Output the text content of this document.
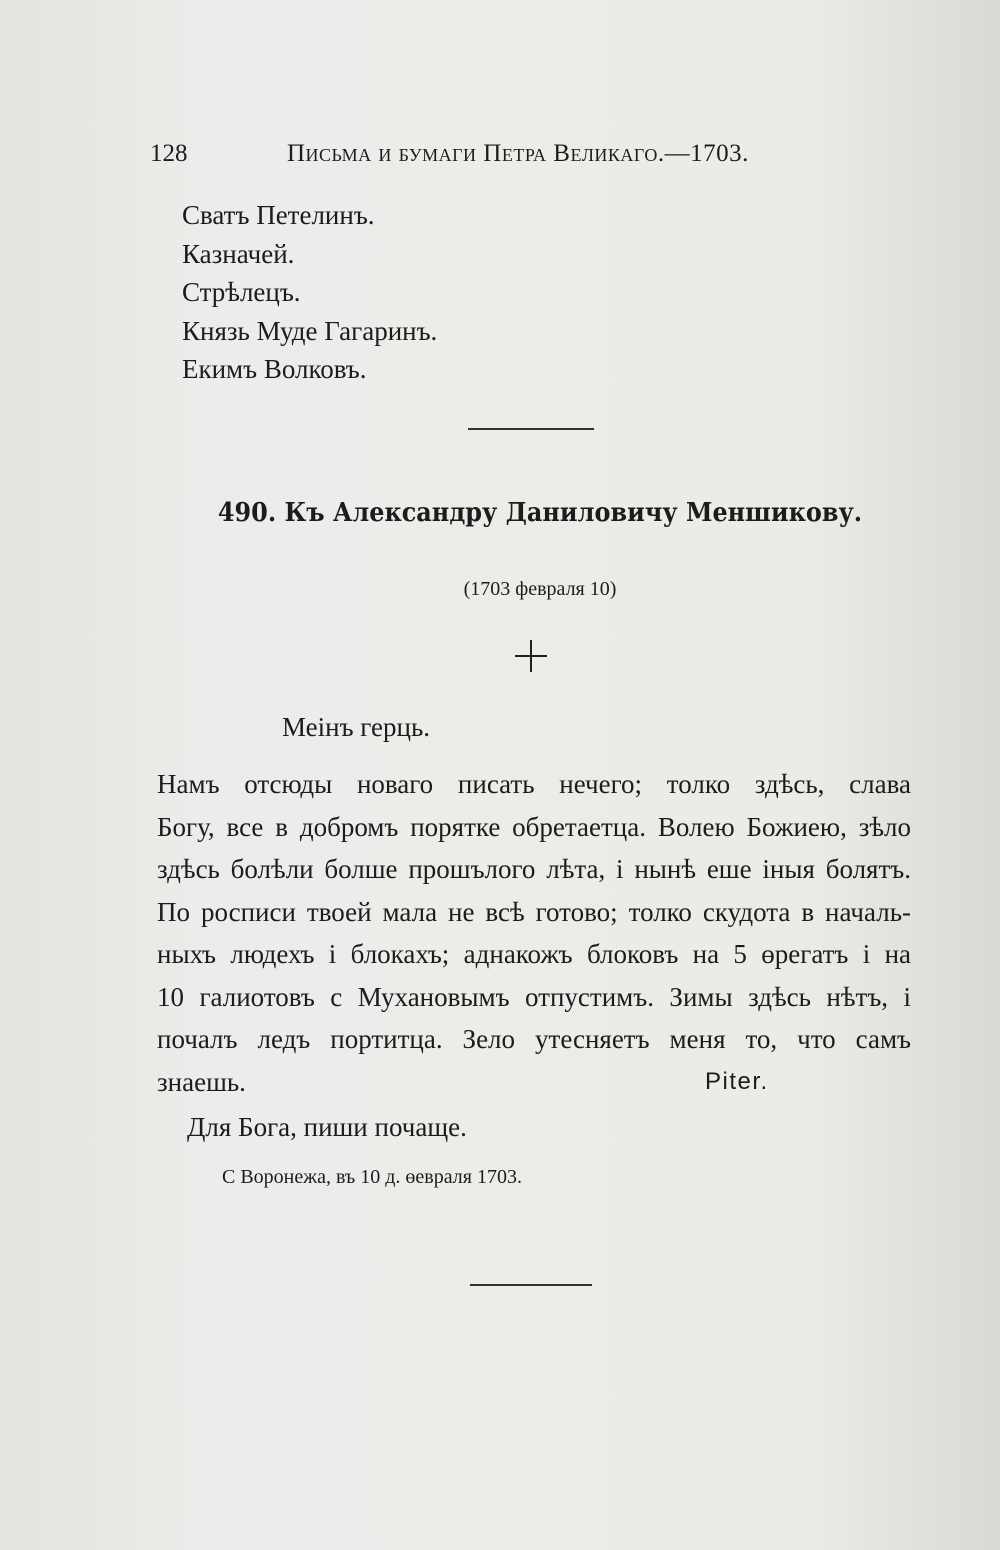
128	Письма и бумаги Петра Великаго.—1703.
Сватъ Петелинъ.
Казначей.
Стрѣлецъ.
Князь Муде Гагаринъ.
Екимъ Волковъ.
490. Къ Александру Даниловичу Меншикову.
(1703 февраля 10)
Меінъ герць.
Намъ отсюды новаго писать нечего; толко здѣсь, слава
Богу, все в добромъ порятке обретаетца. Волею Божиею, зѣло
здѣсь болѣли болше прошълого лѣта, і нынѣ еше іныя болятъ.
По росписи твоей мала не всѣ готово; толко скудота в началь-
ныхъ людехъ і блокахъ; аднакожъ блоковъ на 5 өрегатъ і на
10 галиотовъ с Мухановымъ отпустимъ. Зимы здѣсь нѣтъ, і
почалъ ледъ портитца. Зело утесняетъ меня то, что самъ
знаешь.	Piter.
Для Бога, пиши почаще.
С Воронежа, въ 10 д. өевраля 1703.
